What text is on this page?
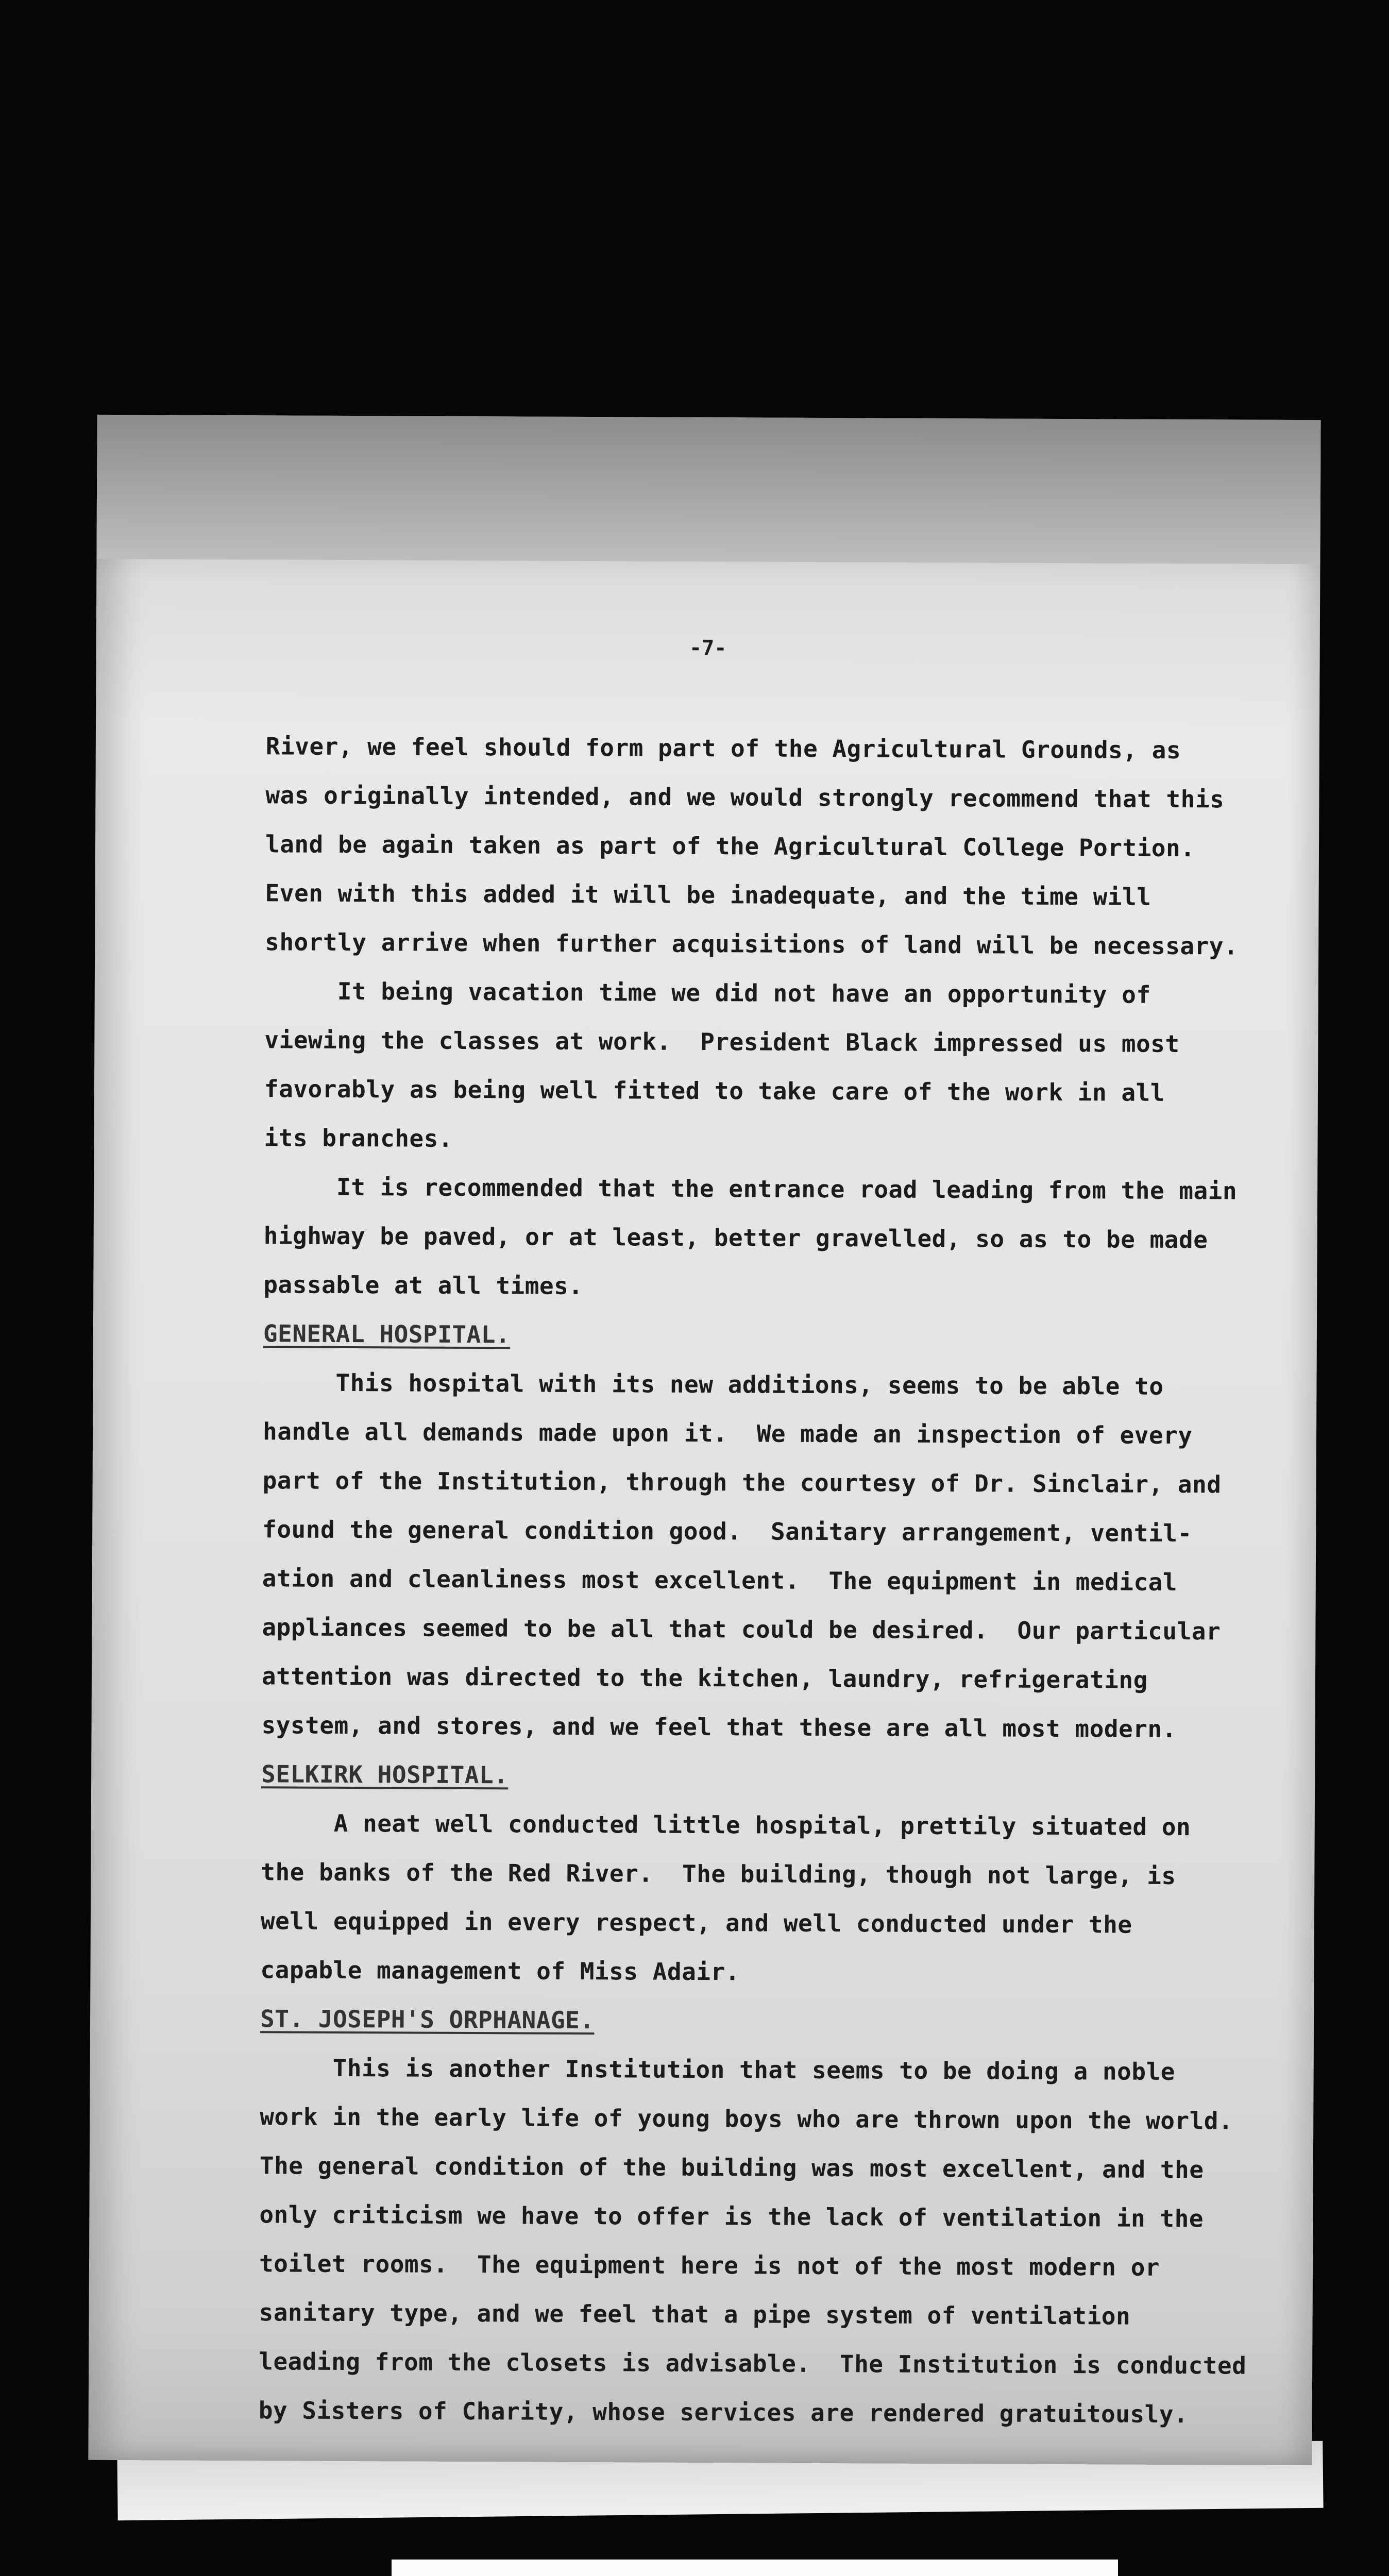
-7-
River, we feel should form part of the Agricultural Grounds, as
was originally intended, and we would strongly recommend that this
land be again taken as part of the Agricultural College Portion.
Even with this added it will be inadequate, and the time will
shortly arrive when further acquisitions of land will be necessary.
It being vacation time we did not have an opportunity of
viewing the classes at work.  President Black impressed us most
favorably as being well fitted to take care of the work in all
its branches.
It is recommended that the entrance road leading from the main
highway be paved, or at least, better gravelled, so as to be made
passable at all times.
GENERAL HOSPITAL.
This hospital with its new additions, seems to be able to
handle all demands made upon it.  We made an inspection of every
part of the Institution, through the courtesy of Dr. Sinclair, and
found the general condition good.  Sanitary arrangement, ventil-
ation and cleanliness most excellent.  The equipment in medical
appliances seemed to be all that could be desired.  Our particular
attention was directed to the kitchen, laundry, refrigerating
system, and stores, and we feel that these are all most modern.
SELKIRK HOSPITAL.
A neat well conducted little hospital, prettily situated on
the banks of the Red River.  The building, though not large, is
well equipped in every respect, and well conducted under the
capable management of Miss Adair.
ST. JOSEPH'S ORPHANAGE.
This is another Institution that seems to be doing a noble
work in the early life of young boys who are thrown upon the world.
The general condition of the building was most excellent, and the
only criticism we have to offer is the lack of ventilation in the
toilet rooms.  The equipment here is not of the most modern or
sanitary type, and we feel that a pipe system of ventilation
leading from the closets is advisable.  The Institution is conducted
by Sisters of Charity, whose services are rendered gratuitously.
